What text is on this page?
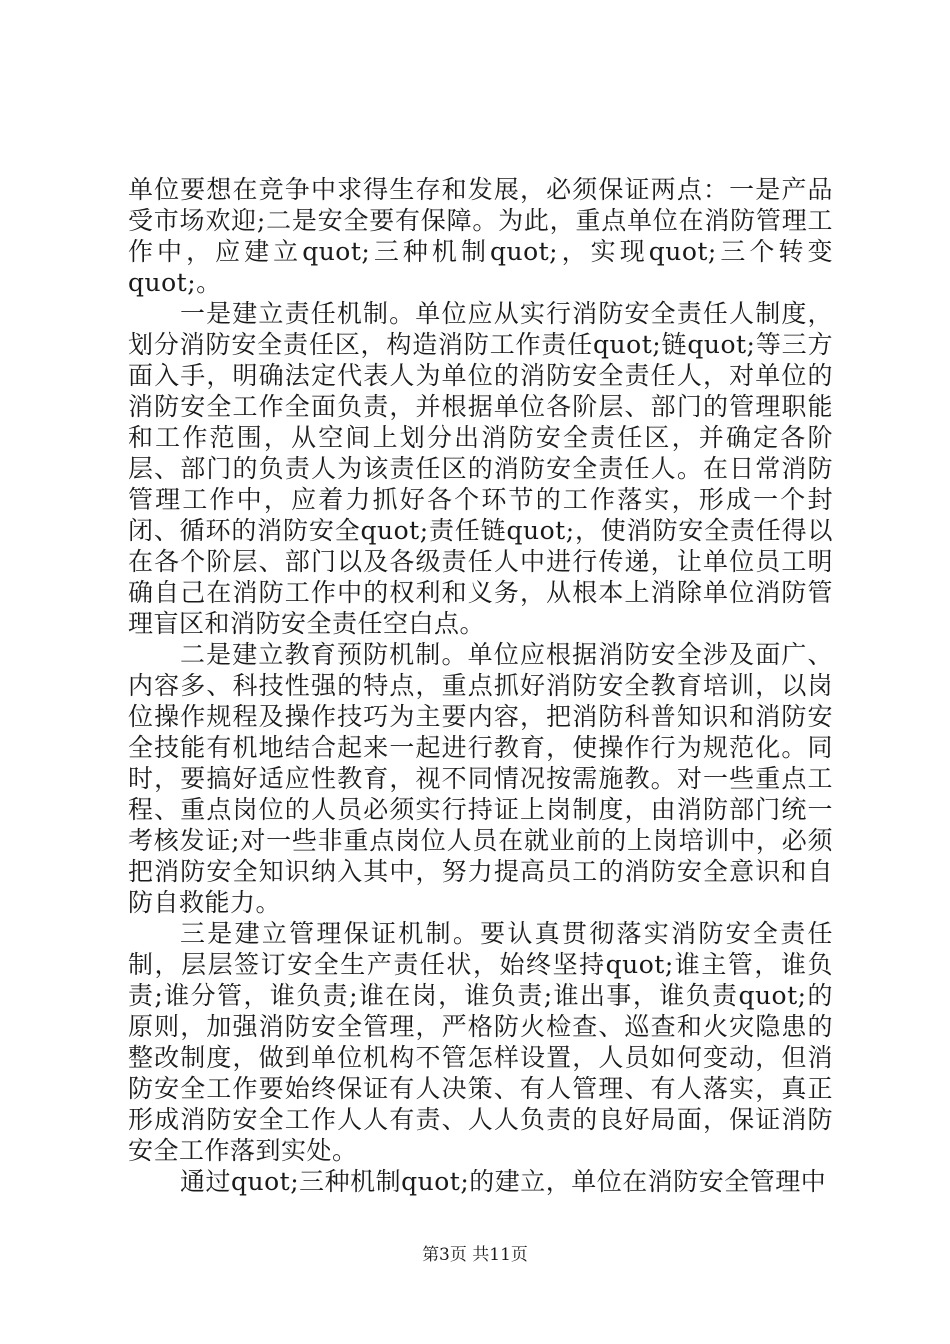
单位要想在竞争中求得生存和发展，必须保证两点：一是产品受市场欢迎;二是安全要有保障。为此，重点单位在消防管理工作中，应建立quot;三种机制quot;，实现quot;三个转变quot;。

一是建立责任机制。单位应从实行消防安全责任人制度，划分消防安全责任区，构造消防工作责任quot;链quot;等三方面入手，明确法定代表人为单位的消防安全责任人，对单位的消防安全工作全面负责，并根据单位各阶层、部门的管理职能和工作范围，从空间上划分出消防安全责任区，并确定各阶层、部门的负责人为该责任区的消防安全责任人。在日常消防管理工作中，应着力抓好各个环节的工作落实，形成一个封闭、循环的消防安全quot;责任链quot;，使消防安全责任得以在各个阶层、部门以及各级责任人中进行传递，让单位员工明确自己在消防工作中的权利和义务，从根本上消除单位消防管理盲区和消防安全责任空白点。

二是建立教育预防机制。单位应根据消防安全涉及面广、内容多、科技性强的特点，重点抓好消防安全教育培训，以岗位操作规程及操作技巧为主要内容，把消防科普知识和消防安全技能有机地结合起来一起进行教育，使操作行为规范化。同时，要搞好适应性教育，视不同情况按需施教。对一些重点工程、重点岗位的人员必须实行持证上岗制度，由消防部门统一考核发证;对一些非重点岗位人员在就业前的上岗培训中，必须把消防安全知识纳入其中，努力提高员工的消防安全意识和自防自救能力。

三是建立管理保证机制。要认真贯彻落实消防安全责任制，层层签订安全生产责任状，始终坚持quot;谁主管，谁负责;谁分管，谁负责;谁在岗，谁负责;谁出事，谁负责quot;的原则，加强消防安全管理，严格防火检查、巡查和火灾隐患的整改制度，做到单位机构不管怎样设置，人员如何变动，但消防安全工作要始终保证有人决策、有人管理、有人落实，真正形成消防安全工作人人有责、人人负责的良好局面，保证消防安全工作落到实处。

通过quot;三种机制quot;的建立，单位在消防安全管理中

第3页 共11页
